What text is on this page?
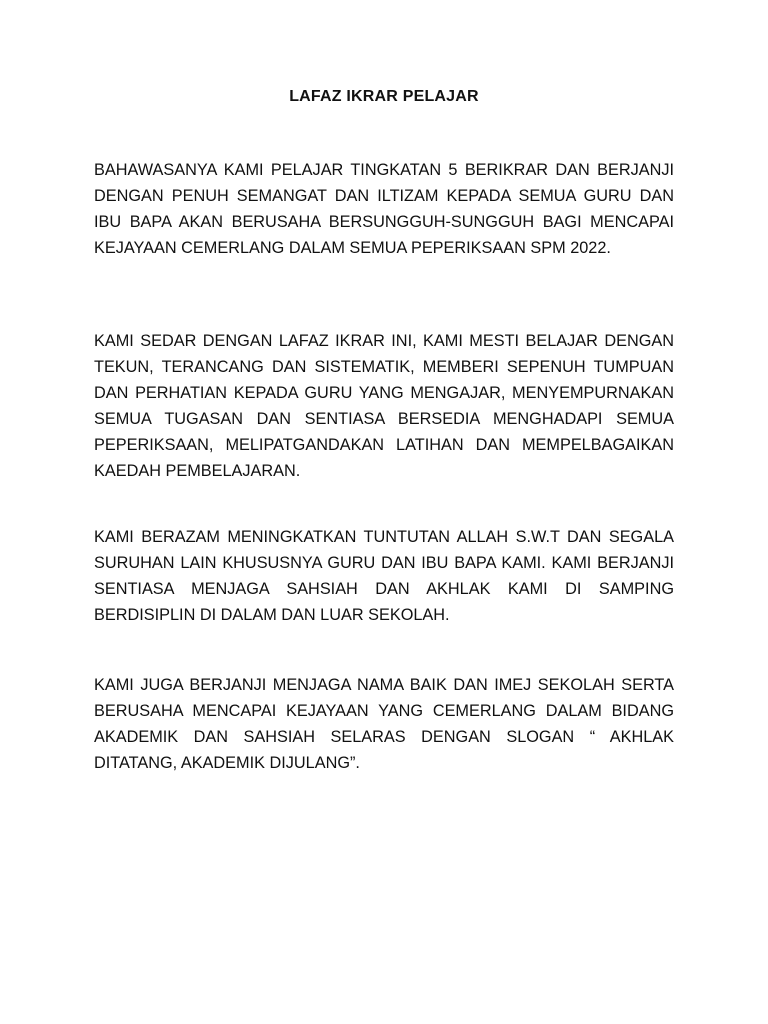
LAFAZ IKRAR PELAJAR
BAHAWASANYA KAMI PELAJAR TINGKATAN 5 BERIKRAR DAN BERJANJI DENGAN PENUH SEMANGAT DAN ILTIZAM KEPADA SEMUA GURU DAN IBU BAPA AKAN BERUSAHA BERSUNGGUH-SUNGGUH BAGI MENCAPAI KEJAYAAN CEMERLANG DALAM SEMUA PEPERIKSAAN SPM 2022.
KAMI SEDAR DENGAN LAFAZ IKRAR INI, KAMI MESTI BELAJAR DENGAN TEKUN, TERANCANG DAN SISTEMATIK, MEMBERI SEPENUH TUMPUAN DAN PERHATIAN KEPADA GURU YANG MENGAJAR, MENYEMPURNAKAN SEMUA TUGASAN DAN SENTIASA BERSEDIA MENGHADAPI SEMUA PEPERIKSAAN, MELIPATGANDAKAN LATIHAN DAN MEMPELBAGAIKAN KAEDAH PEMBELAJARAN.
KAMI BERAZAM MENINGKATKAN TUNTUTAN ALLAH S.W.T DAN SEGALA SURUHAN LAIN KHUSUSNYA GURU DAN IBU BAPA KAMI. KAMI BERJANJI SENTIASA MENJAGA SAHSIAH DAN AKHLAK KAMI DI SAMPING BERDISIPLIN DI DALAM DAN LUAR SEKOLAH.
KAMI JUGA BERJANJI MENJAGA NAMA BAIK DAN IMEJ SEKOLAH SERTA BERUSAHA MENCAPAI KEJAYAAN YANG CEMERLANG DALAM BIDANG AKADEMIK DAN SAHSIAH SELARAS DENGAN SLOGAN “ AKHLAK DITATANG, AKADEMIK DIJULANG”.
